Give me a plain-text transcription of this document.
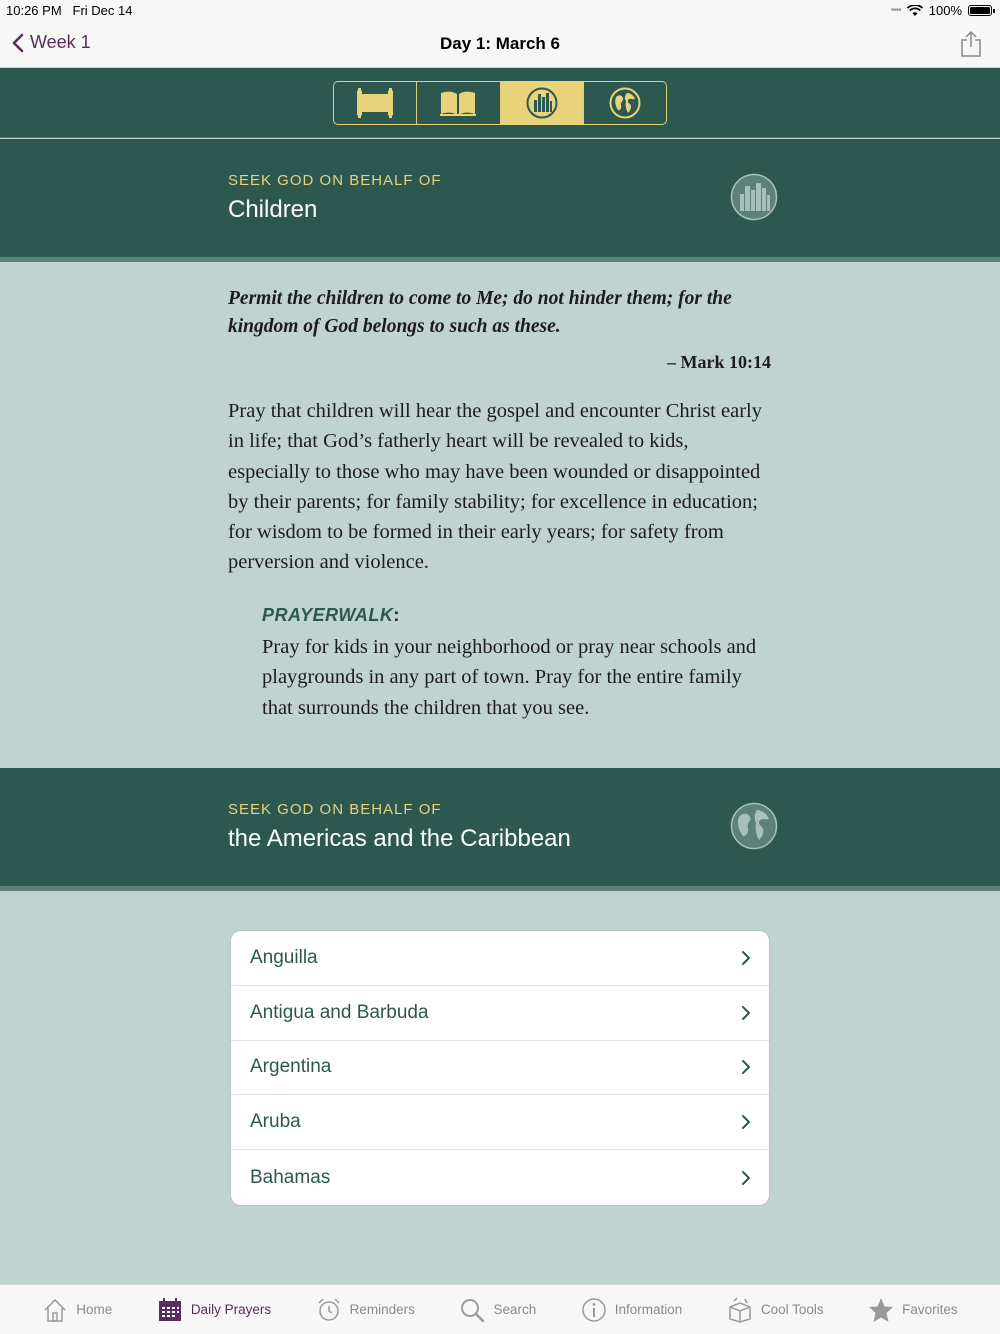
10:26 PM Fri Dec 14	•••• 100%
Week 1	Day 1: March 6
SEEK GOD ON BEHALF OF
Children
Permit the children to come to Me; do not hinder them; for the kingdom of God belongs to such as these.
– Mark 10:14
Pray that children will hear the gospel and encounter Christ early in life; that God’s fatherly heart will be revealed to kids, especially to those who may have been wounded or disappointed by their parents; for family stability; for excellence in education; for wisdom to be formed in their early years; for safety from perversion and violence.
PRAYERWALK:
Pray for kids in your neighborhood or pray near schools and playgrounds in any part of town. Pray for the entire family that surrounds the children that you see.
SEEK GOD ON BEHALF OF
the Americas and the Caribbean
Anguilla
Antigua and Barbuda
Argentina
Aruba
Bahamas
Home	Daily Prayers	Reminders	Search	Information	Cool Tools	Favorites
